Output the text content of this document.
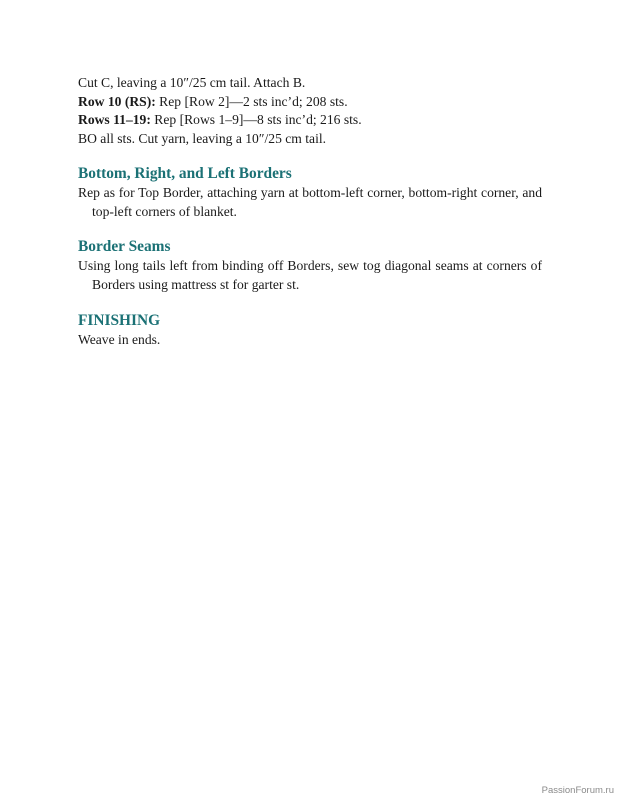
Cut C, leaving a 10″/25 cm tail. Attach B.

Row 10 (RS): Rep [Row 2]—2 sts inc’d; 208 sts.

Rows 11–19: Rep [Rows 1–9]—8 sts inc’d; 216 sts.

BO all sts. Cut yarn, leaving a 10″/25 cm tail.

Bottom, Right, and Left Borders

Rep as for Top Border, attaching yarn at bottom-left corner, bottom-right corner, and top-left corners of blanket.

Border Seams

Using long tails left from binding off Borders, sew tog diagonal seams at corners of Borders using mattress st for garter st.

FINISHING

Weave in ends.

PassionForum.ru
